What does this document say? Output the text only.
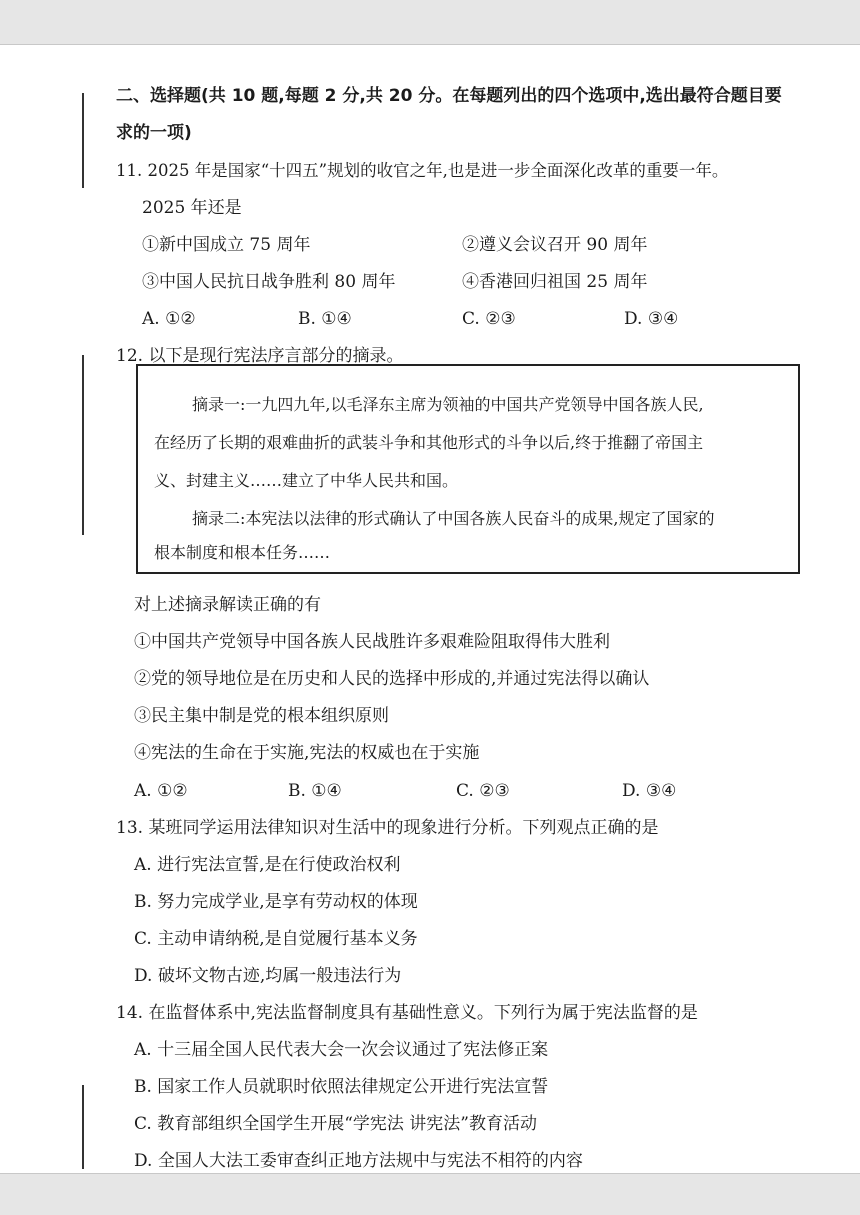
二、选择题(共 10 题,每题 2 分,共 20 分。在每题列出的四个选项中,选出最符合题目要
求的一项)
11. 2025 年是国家“十四五”规划的收官之年,也是进一步全面深化改革的重要一年。
2025 年还是
①新中国成立 75 周年	②遵义会议召开 90 周年
③中国人民抗日战争胜利 80 周年	④香港回归祖国 25 周年
A. ①②	B. ①④	C. ②③	D. ③④
12. 以下是现行宪法序言部分的摘录。
摘录一:一九四九年,以毛泽东主席为领袖的中国共产党领导中国各族人民,
在经历了长期的艰难曲折的武装斗争和其他形式的斗争以后,终于推翻了帝国主
义、封建主义……建立了中华人民共和国。
摘录二:本宪法以法律的形式确认了中国各族人民奋斗的成果,规定了国家的
根本制度和根本任务……
对上述摘录解读正确的有
①中国共产党领导中国各族人民战胜许多艰难险阻取得伟大胜利
②党的领导地位是在历史和人民的选择中形成的,并通过宪法得以确认
③民主集中制是党的根本组织原则
④宪法的生命在于实施,宪法的权威也在于实施
A. ①②	B. ①④	C. ②③	D. ③④
13. 某班同学运用法律知识对生活中的现象进行分析。下列观点正确的是
A. 进行宪法宣誓,是在行使政治权利
B. 努力完成学业,是享有劳动权的体现
C. 主动申请纳税,是自觉履行基本义务
D. 破坏文物古迹,均属一般违法行为
14. 在监督体系中,宪法监督制度具有基础性意义。下列行为属于宪法监督的是
A. 十三届全国人民代表大会一次会议通过了宪法修正案
B. 国家工作人员就职时依照法律规定公开进行宪法宣誓
C. 教育部组织全国学生开展“学宪法 讲宪法”教育活动
D. 全国人大法工委审查纠正地方法规中与宪法不相符的内容
